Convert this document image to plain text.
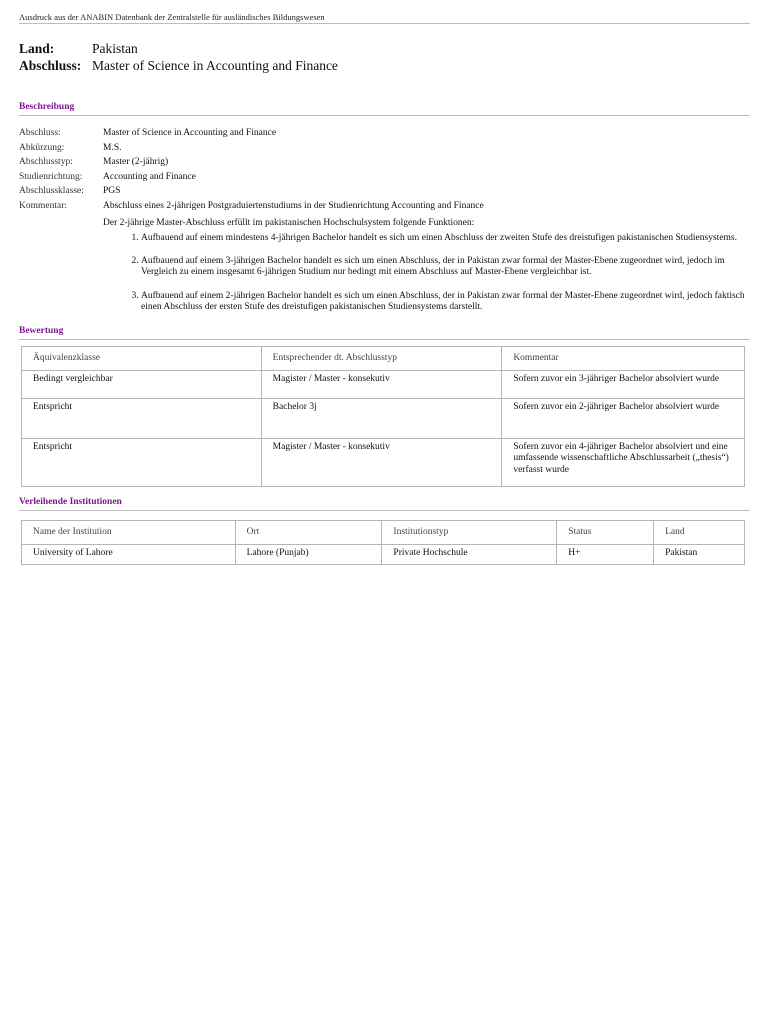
Ausdruck aus der ANABIN Datenbank der Zentralstelle für ausländisches Bildungswesen
Land:	Pakistan
Abschluss: Master of Science in Accounting and Finance
Beschreibung
Abschluss:	Master of Science in Accounting and Finance
Abkürzung:	M.S.
Abschlusstyp:	Master (2-jährig)
Studienrichtung:	Accounting and Finance
Abschlussklasse:	PGS
Kommentar:	Abschluss eines 2-jährigen Postgraduiertenstudiums in der Studienrichtung Accounting and Finance
Der 2-jährige Master-Abschluss erfüllt im pakistanischen Hochschulsystem folgende Funktionen:
1. Aufbauend auf einem mindestens 4-jährigen Bachelor handelt es sich um einen Abschluss der zweiten Stufe des dreistufigen pakistanischen Studiensystems.
2. Aufbauend auf einem 3-jährigen Bachelor handelt es sich um einen Abschluss, der in Pakistan zwar formal der Master-Ebene zugeordnet wird, jedoch im Vergleich zu einem insgesamt 6-jährigen Studium nur bedingt mit einem Abschluss auf Master-Ebene vergleichbar ist.
3. Aufbauend auf einem 2-jährigen Bachelor handelt es sich um einen Abschluss, der in Pakistan zwar formal der Master-Ebene zugeordnet wird, jedoch faktisch einen Abschluss der ersten Stufe des dreistufigen pakistanischen Studiensystems darstellt.
Bewertung
Äquivalenzklasse	Entsprechender dt. Abschlusstyp	Kommentar
Bedingt vergleichbar	Magister / Master - konsekutiv	Sofern zuvor ein 3-jähriger Bachelor absolviert wurde
Entspricht	Bachelor 3j	Sofern zuvor ein 2-jähriger Bachelor absolviert wurde
Entspricht	Magister / Master - konsekutiv	Sofern zuvor ein 4-jähriger Bachelor absolviert und eine umfassende wissenschaftliche Abschlussarbeit („thesis“) verfasst wurde
Verleihende Institutionen
Name der Institution	Ort	Institutionstyp	Status	Land
University of Lahore	Lahore (Punjab)	Private Hochschule	H+	Pakistan
